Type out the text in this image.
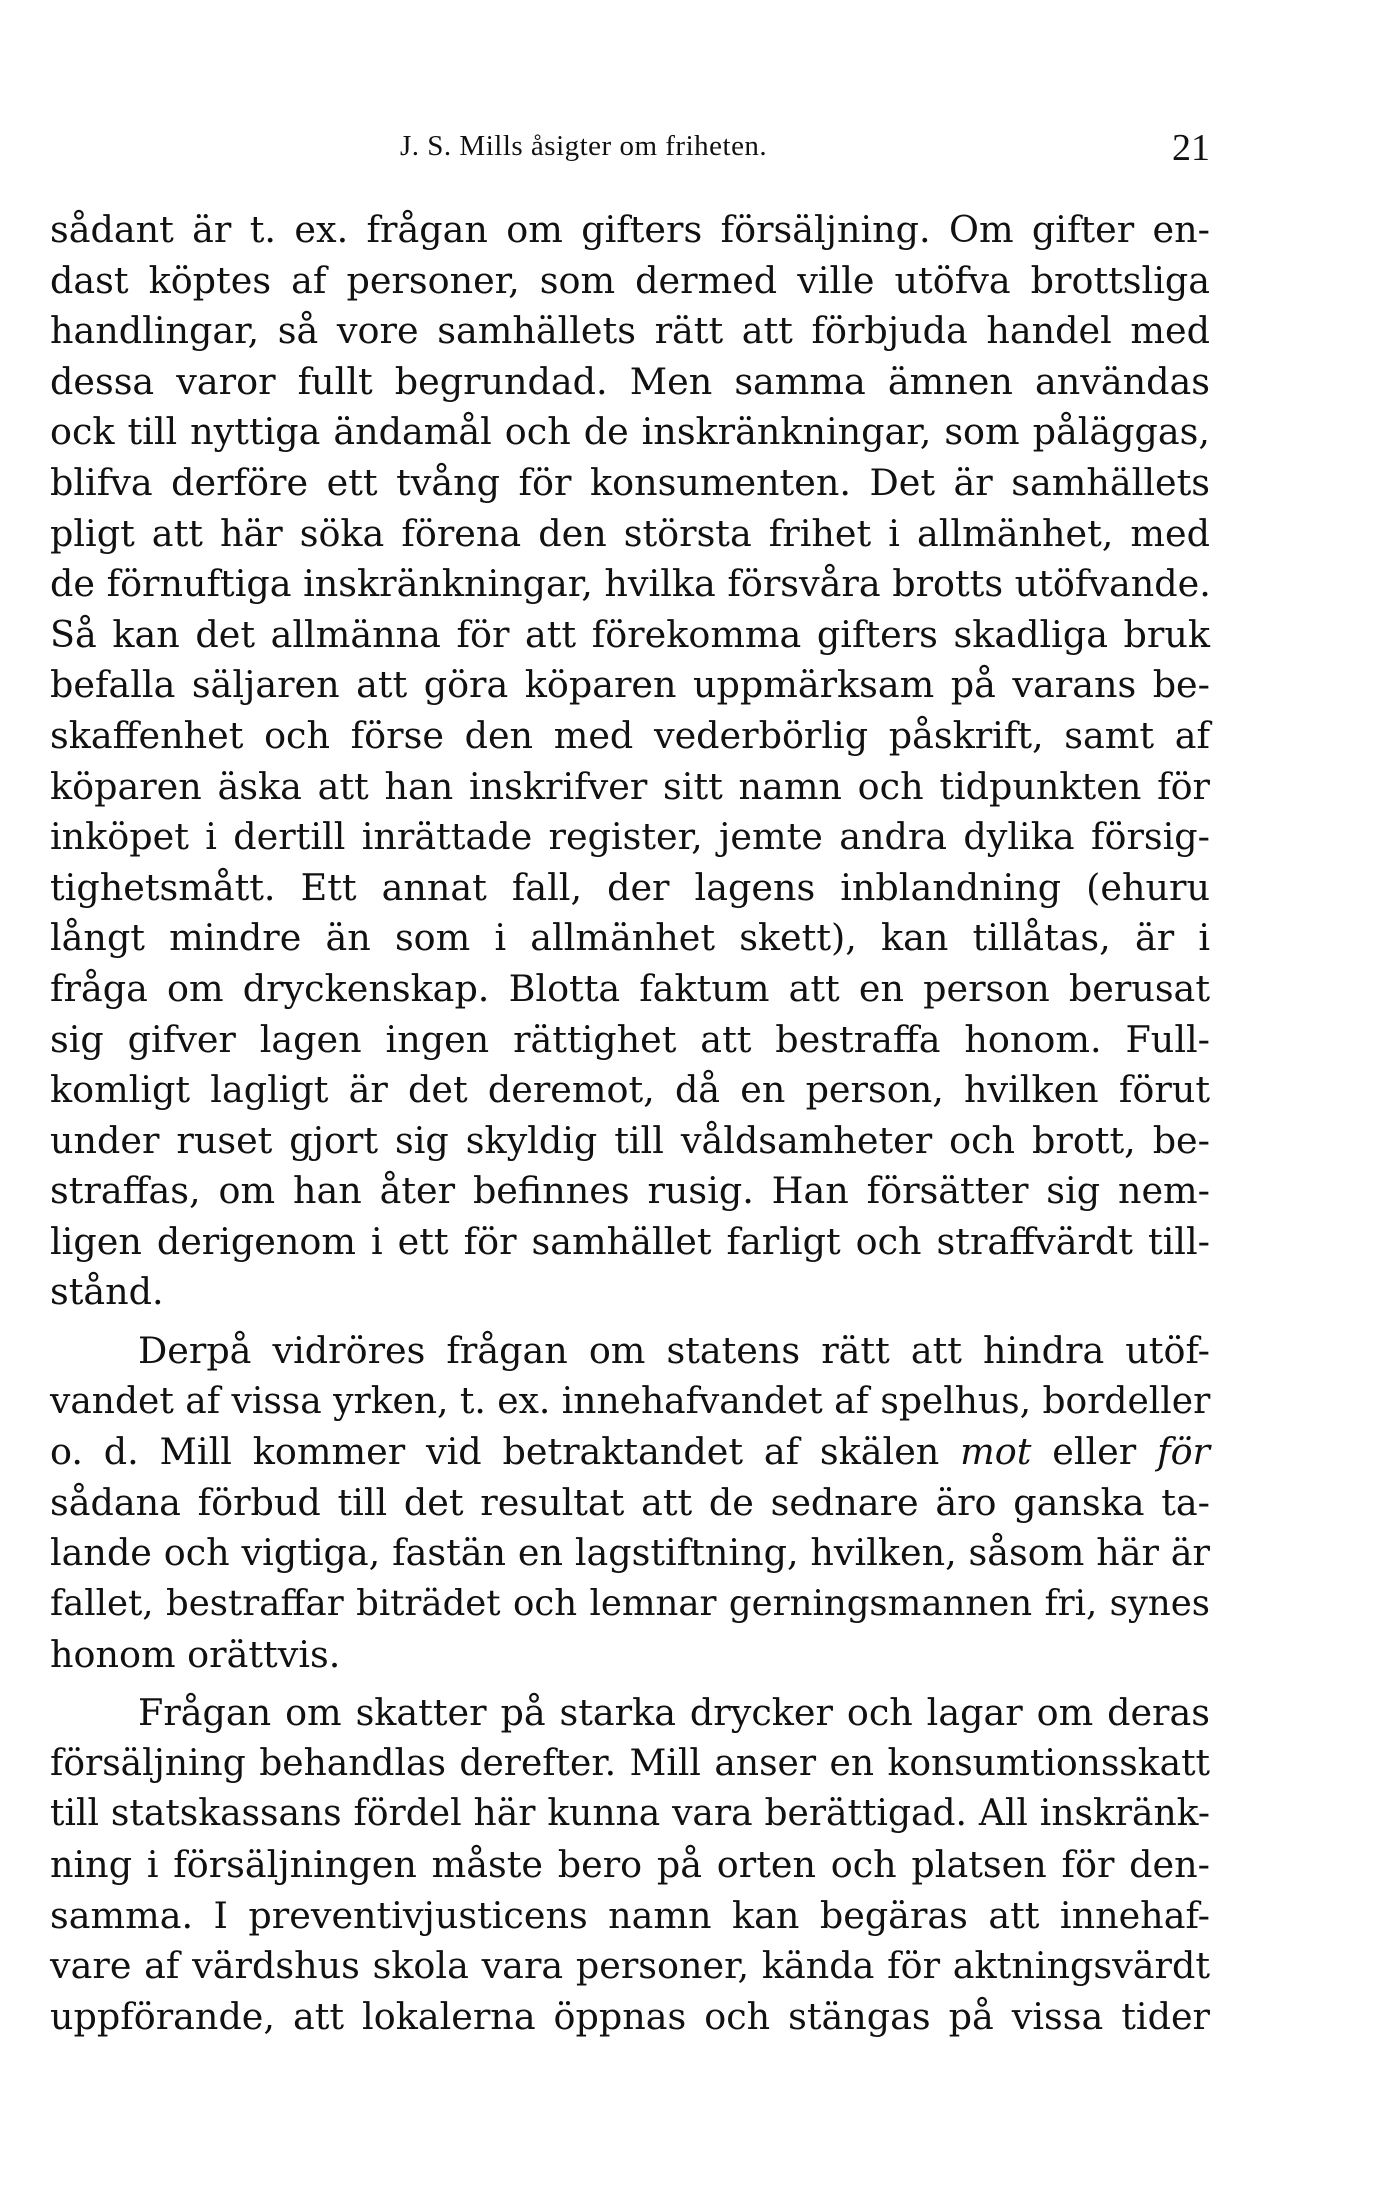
J. S. Mills åsigter om friheten.	21
sådant är t. ex. frågan om gifters försäljning. Om gifter en-
dast köptes af personer, som dermed ville utöfva brottsliga
handlingar, så vore samhällets rätt att förbjuda handel med
dessa varor fullt begrundad. Men samma ämnen användas
ock till nyttiga ändamål och de inskränkningar, som påläggas,
blifva derföre ett tvång för konsumenten. Det är samhällets
pligt att här söka förena den största frihet i allmänhet, med
de förnuftiga inskränkningar, hvilka försvåra brotts utöfvande.
Så kan det allmänna för att förekomma gifters skadliga bruk
befalla säljaren att göra köparen uppmärksam på varans be-
skaffenhet och förse den med vederbörlig påskrift, samt af
köparen äska att han inskrifver sitt namn och tidpunkten för
inköpet i dertill inrättade register, jemte andra dylika försig-
tighetsmått. Ett annat fall, der lagens inblandning (ehuru
långt mindre än som i allmänhet skett), kan tillåtas, är i
fråga om dryckenskap. Blotta faktum att en person berusat
sig gifver lagen ingen rättighet att bestraffa honom. Full-
komligt lagligt är det deremot, då en person, hvilken förut
under ruset gjort sig skyldig till våldsamheter och brott, be-
straffas, om han åter befinnes rusig. Han försätter sig nem-
ligen derigenom i ett för samhället farligt och straffvärdt till-
stånd.
Derpå vidröres frågan om statens rätt att hindra utöf-
vandet af vissa yrken, t. ex. innehafvandet af spelhus, bordeller
o. d. Mill kommer vid betraktandet af skälen mot eller för
sådana förbud till det resultat att de sednare äro ganska ta-
lande och vigtiga, fastän en lagstiftning, hvilken, såsom här är
fallet, bestraffar biträdet och lemnar gerningsmannen fri, synes
honom orättvis.
Frågan om skatter på starka drycker och lagar om deras
försäljning behandlas derefter. Mill anser en konsumtionsskatt
till statskassans fördel här kunna vara berättigad. All inskränk-
ning i försäljningen måste bero på orten och platsen för den-
samma. I preventivjusticens namn kan begäras att innehaf-
vare af värdshus skola vara personer, kända för aktningsvärdt
uppförande, att lokalerna öppnas och stängas på vissa tider
